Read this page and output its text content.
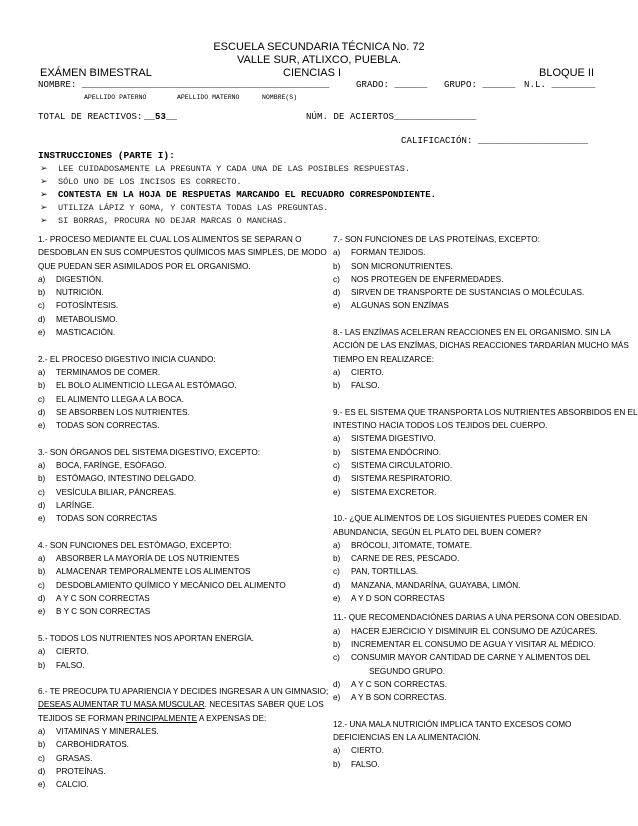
ESCUELA SECUNDARIA TÉCNICA No. 72
VALLE SUR, ATLIXCO, PUEBLA.
EXÁMEN BIMESTRAL	CIENCIAS I	BLOQUE II
NOMBRE: _____________________________________________	GRADO: ______ GRUPO: ______ N.L. ________
APELLIDO PATERNO	APELLIDO MATERNO	NOMBRE(S)
TOTAL DE REACTIVOS: __53__	NÚM. DE ACIERTOS_______________
CALIFICACIÓN: ____________________
INSTRUCCIONES (PARTE I):
➢ LEE CUIDADOSAMENTE LA PREGUNTA Y CADA UNA DE LAS POSIBLES RESPUESTAS.
➢ SÓLO UNO DE LOS INCISOS ES CORRECTO.
➢ CONTESTA EN LA HOJA DE RESPUETAS MARCANDO EL RECUADRO CORRESPONDIENTE.
➢ UTILIZA LÁPIZ Y GOMA, Y CONTESTA TODAS LAS PREGUNTAS.
➢ SI BORRAS, PROCURA NO DEJAR MARCAS O MANCHAS.

1.- PROCESO MEDIANTE EL CUAL LOS ALIMENTOS SE SEPARAN O

DESDOBLAN EN SUS COMPUESTOS QUÍMICOS MAS SIMPLES, DE MODO

QUE PUEDAN SER ASIMILADOS POR EL ORGANISMO.

a) DIGESTIÓN.

b) NUTRICIÓN.

c) FOTOSÍNTESIS.

d) METABOLISMO.

e) MASTICACIÓN.

2.- EL PROCESO DIGESTIVO INICIA CUANDO:

a) TERMINAMOS DE COMER.

b) EL BOLO ALIMENTICIO LLEGA AL ESTÓMAGO.

c) EL ALIMENTO LLEGA A LA BOCA.

d) SE ABSORBEN LOS NUTRIENTES.

e) TODAS SON CORRECTAS.

3.- SON ÓRGANOS DEL SISTEMA DIGESTIVO, EXCEPTO:

a) BOCA, FARÍNGE, ESÓFAGO.

b) ESTÓMAGO, INTESTINO DELGADO.

c) VESÍCULA BILIAR, PÁNCREAS.

d) LARÍNGE.

e) TODAS SON CORRECTAS

4.- SON FUNCIONES DEL ESTÓMAGO, EXCEPTO:

a) ABSORBER LA MAYORÍA DE LOS NUTRIENTES

b) ALMACENAR TEMPORALMENTE LOS ALIMENTOS

c) DESDOBLAMIENTO QUÍMICO Y MECÁNICO DEL ALIMENTO

d) A Y C SON CORRECTAS

e) B Y C SON CORRECTAS

5.- TODOS LOS NUTRIENTES NOS APORTAN ENERGÍA.

a) CIERTO.

b) FALSO.

6.- TE PREOCUPA TU APARIENCIA Y DECIDES INGRESAR A UN GIMNASIO;

DESEAS AUMENTAR TU MASA MUSCULAR. NECESITAS SABER QUE LOS

TEJIDOS SE FORMAN PRINCIPALMENTE A EXPENSAS DE:

a) VITAMINAS Y MINERALES.

b) CARBOHIDRATOS.

c) GRASAS.

d) PROTEÍNAS.

e) CALCIO.

7.- SON FUNCIONES DE LAS PROTEÍNAS, EXCEPTO:

a) FORMAN TEJIDOS.

b) SON MICRONUTRIENTES.

c) NOS PROTEGEN DE ENFERMEDADES.

d) SIRVEN DE TRANSPORTE DE SUSTANCIAS O MOLÉCULAS.

e) ALGUNAS SON ENZÍMAS

8.- LAS ENZÍMAS ACELERAN REACCIONES EN EL ORGANISMO. SIN LA

ACCIÓN DE LAS ENZÍMAS, DICHAS REACCIONES TARDARÍAN MUCHO MÁS

TIEMPO EN REALIZARCE:

a) CIERTO.

b) FALSO.

9.- ES EL SISTEMA QUE TRANSPORTA LOS NUTRIENTES ABSORBIDOS EN EL

INTESTINO HACIA TODOS LOS TEJIDOS DEL CUERPO.

a) SISTEMA DIGESTIVO.

b) SISTEMA ENDÓCRINO.

c) SISTEMA CIRCULATORIO.

d) SISTEMA RESPIRATORIO.

e) SISTEMA EXCRETOR.

10.- ¿QUE ALIMENTOS DE LOS SIGUIENTES PUEDES COMER EN

ABUNDANCIA, SEGÚN EL PLATO DEL BUEN COMER?

a) BRÓCOLI, JITOMATE, TOMATE.

b) CARNE DE RES, PESCADO.

c) PAN, TORTILLAS.

d) MANZANA, MANDARÍNA, GUAYABA, LIMÓN.

e) A Y D SON CORRECTAS

11.- QUE RECOMENDACIÓNES DARIAS A UNA PERSONA CON OBESIDAD.

a) HACER EJERCICIO Y DISMINUIR EL CONSUMO DE AZÚCARES.

b) INCREMENTAR EL CONSUMO DE AGUA Y VISITAR AL MÉDICO.

c) CONSUMIR MAYOR CANTIDAD DE CARNE Y ALIMENTOS DEL

SEGUNDO GRUPO.

d) A Y C SON CORRECTAS.

e) A Y B SON CORRECTAS.

12.- UNA MALA NUTRICIÓN IMPLICA TANTO EXCESOS COMO

DEFICIENCIAS EN LA ALIMENTACIÓN.

a) CIERTO.

b) FALSO.
